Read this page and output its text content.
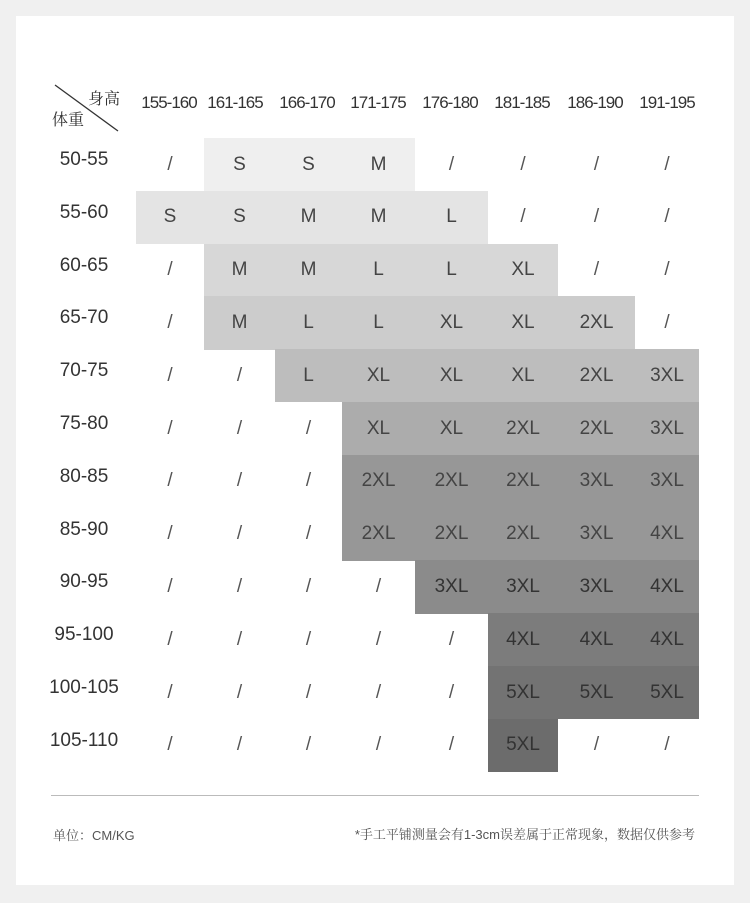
身高
体重
155-160 161-165 166-170 171-175 176-180 181-185	186-190 191-195
50-55	/	S	S	M	/	/	/	/
55-60	S	S	M	M	L	/	/	/
60-65	/	M	M	L	L	XL	/	/
65-70	/	M	L	L	XL	XL	2XL	/
70-75	/	/	L	XL	XL	XL	2XL	3XL
75-80	/	/	/	XL	XL	2XL	2XL	3XL
80-85	/	/	/	2XL	2XL	2XL	3XL	3XL
85-90	/	/	/	2XL	2XL	2XL	3XL	4XL
90-95	/	/	/	/	3XL	3XL	3XL	4XL
95-100	/	/	/	/	/	4XL	4XL	4XL
100-105	/	/	/	/	/	5XL	5XL	5XL
105-110	/	/	/	/	/	5XL	/	/
单位：CM/KG	*手工平铺测量会有1-3cm误差属于正常现象，数据仅供参考
